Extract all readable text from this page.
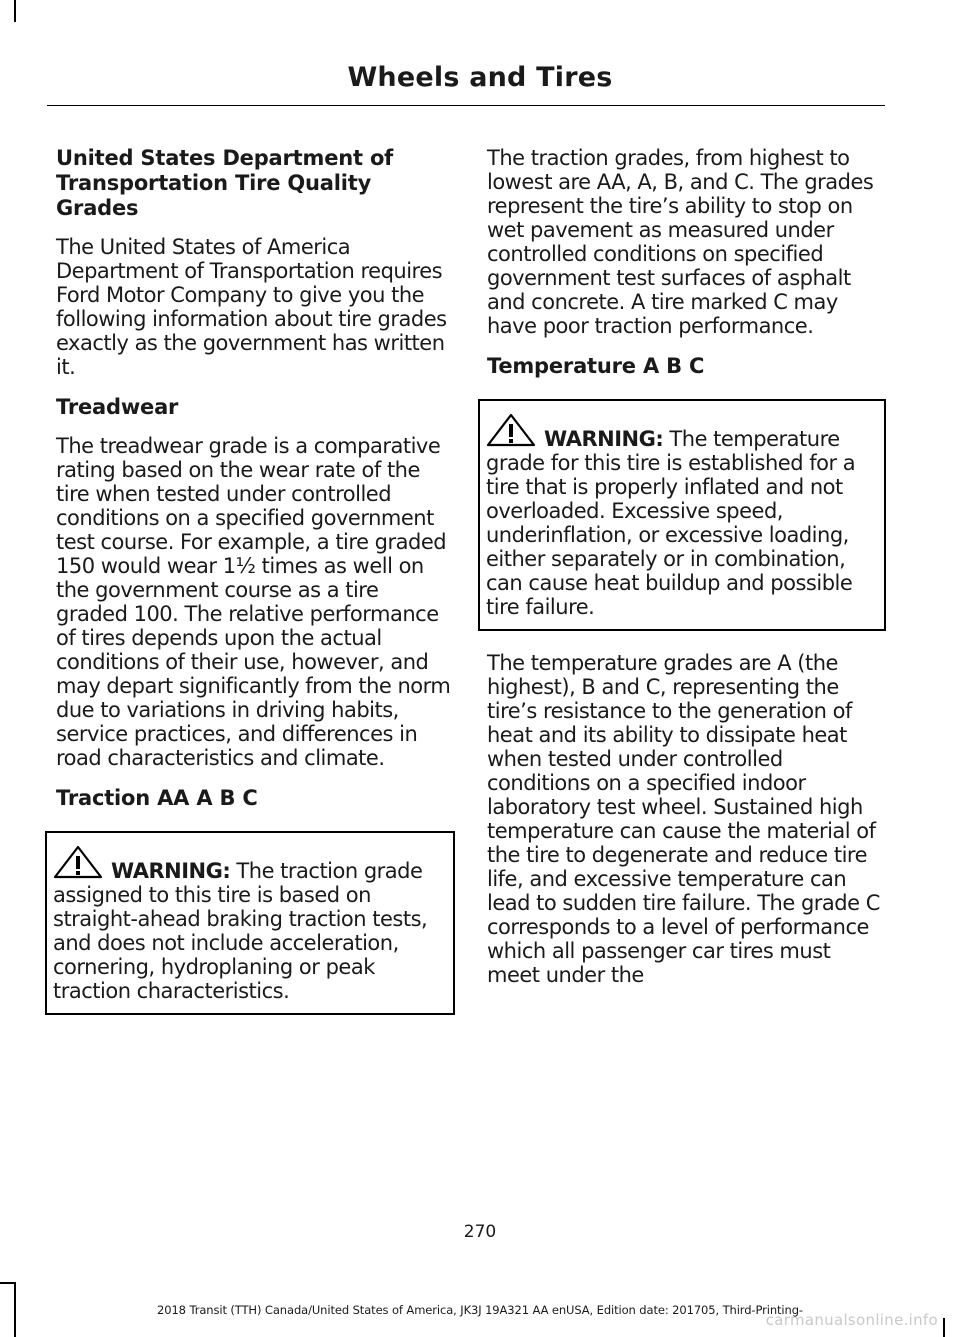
Wheels and Tires
United States Department of Transportation Tire Quality Grades
The United States of America Department of Transportation requires Ford Motor Company to give you the following information about tire grades exactly as the government has written it.
Treadwear
The treadwear grade is a comparative rating based on the wear rate of the tire when tested under controlled conditions on a specified government test course. For example, a tire graded 150 would wear 1½ times as well on the government course as a tire graded 100. The relative performance of tires depends upon the actual conditions of their use, however, and may depart significantly from the norm due to variations in driving habits, service practices, and differences in road characteristics and climate.
Traction AA A B C
WARNING: The traction grade assigned to this tire is based on straight-ahead braking traction tests, and does not include acceleration, cornering, hydroplaning or peak traction characteristics.
The traction grades, from highest to lowest are AA, A, B, and C. The grades represent the tire’s ability to stop on wet pavement as measured under controlled conditions on specified government test surfaces of asphalt and concrete. A tire marked C may have poor traction performance.
Temperature A B C
WARNING: The temperature grade for this tire is established for a tire that is properly inflated and not overloaded. Excessive speed, underinflation, or excessive loading, either separately or in combination, can cause heat buildup and possible tire failure.
The temperature grades are A (the highest), B and C, representing the tire’s resistance to the generation of heat and its ability to dissipate heat when tested under controlled conditions on a specified indoor laboratory test wheel. Sustained high temperature can cause the material of the tire to degenerate and reduce tire life, and excessive temperature can lead to sudden tire failure. The grade C corresponds to a level of performance which all passenger car tires must meet under the
270
2018 Transit (TTH) Canada/United States of America, JK3J 19A321 AA enUSA, Edition date: 201705, Third-Printing-
carmanualsonline.info
